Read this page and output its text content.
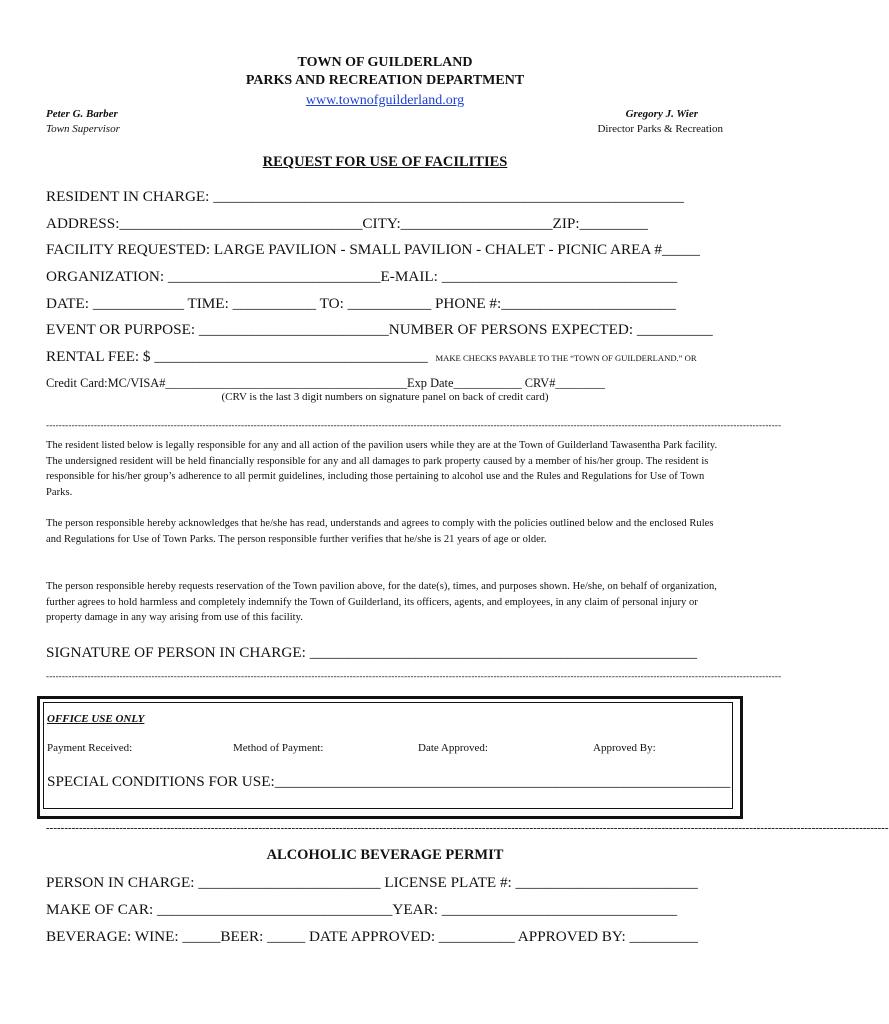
TOWN OF GUILDERLAND
PARKS AND RECREATION DEPARTMENT
www.townofguilderland.org
Peter G. Barber
Town Supervisor
Gregory J. Wier
Director Parks & Recreation
REQUEST FOR USE OF FACILITIES
RESIDENT IN CHARGE: ______________________________________________________________
ADDRESS:________________________________CITY:____________________ZIP:_________
FACILITY REQUESTED: LARGE PAVILION - SMALL PAVILION - CHALET - PICNIC AREA #_____
ORGANIZATION: ____________________________E-MAIL: _______________________________
DATE: ____________ TIME: ___________ TO: ___________ PHONE #:_______________________
EVENT OR PURPOSE: _________________________NUMBER OF PERSONS EXPECTED: __________
RENTAL FEE: $ ____________________________________ MAKE CHECKS PAYABLE TO THE “TOWN OF GUILDERLAND.” OR
Credit Card:MC/VISA#_______________________________________Exp Date___________ CRV#________
(CRV is the last 3 digit numbers on signature panel on back of credit card)
--------------------------------------------------------------------------------------------------------------------------------------------------------------------------------------------------------------------------------------
The resident listed below is legally responsible for any and all action of the pavilion users while they are at the Town of Guilderland Tawasentha Park facility. The undersigned resident will be held financially responsible for any and all damages to park property caused by a member of his/her group. The resident is responsible for his/her group’s adherence to all permit guidelines, including those pertaining to alcohol use and the Rules and Regulations for Use of Town Parks.
The person responsible hereby acknowledges that he/she has read, understands and agrees to comply with the policies outlined below and the enclosed Rules and Regulations for Use of Town Parks. The person responsible further verifies that he/she is 21 years of age or older.
The person responsible hereby requests reservation of the Town pavilion above, for the date(s), times, and purposes shown. He/she, on behalf of organization, further agrees to hold harmless and completely indemnify the Town of Guilderland, its officers, agents, and employees, in any claim of personal injury or property damage in any way arising from use of this facility.
SIGNATURE OF PERSON IN CHARGE: ___________________________________________________
--------------------------------------------------------------------------------------------------------------------------------------------------------------------------------------------------------------------------------------
OFFICE USE ONLY
Payment Received:	Method of Payment:	Date Approved:	Approved By:
SPECIAL CONDITIONS FOR USE:____________________________________________________________
--------------------------------------------------------------------------------------------------------------------------------------------------------------------------------------------------------------------------------------
ALCOHOLIC BEVERAGE PERMIT
PERSON IN CHARGE: ________________________ LICENSE PLATE #: ________________________
MAKE OF CAR: _______________________________YEAR: _______________________________
BEVERAGE: WINE: _____BEER: _____ DATE APPROVED: __________ APPROVED BY: _________
